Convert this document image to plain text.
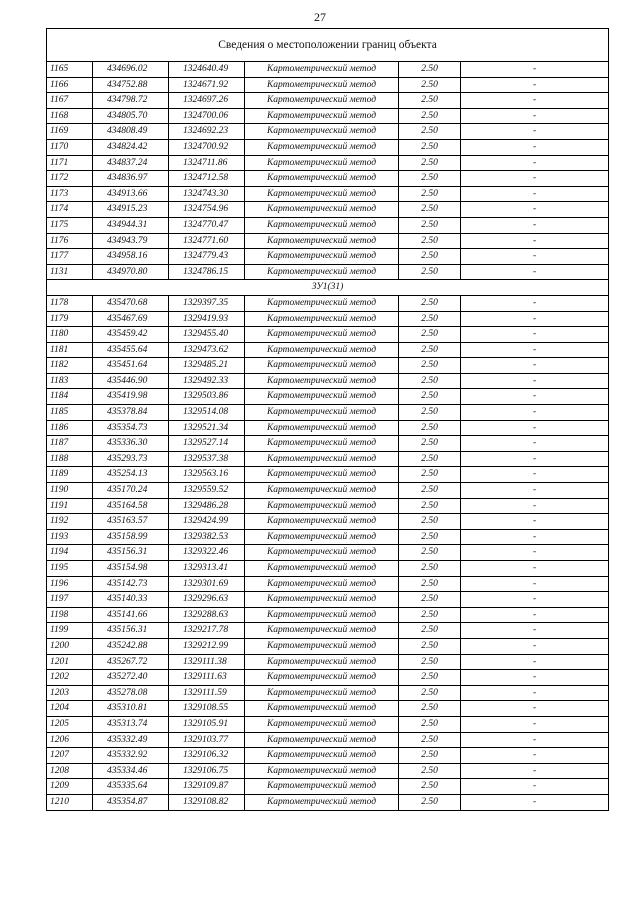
27
Сведения о местоположении границ объекта					
1165	434696.02	1324640.49	Картометрический метод	2.50	-
1166	434752.88	1324671.92	Картометрический метод	2.50	-
1167	434798.72	1324697.26	Картометрический метод	2.50	-
1168	434805.70	1324700.06	Картометрический метод	2.50	-
1169	434808.49	1324692.23	Картометрический метод	2.50	-
1170	434824.42	1324700.92	Картометрический метод	2.50	-
1171	434837.24	1324711.86	Картометрический метод	2.50	-
1172	434836.97	1324712.58	Картометрический метод	2.50	-
1173	434913.66	1324743.30	Картометрический метод	2.50	-
1174	434915.23	1324754.96	Картометрический метод	2.50	-
1175	434944.31	1324770.47	Картометрический метод	2.50	-
1176	434943.79	1324771.60	Картометрический метод	2.50	-
1177	434958.16	1324779.43	Картометрический метод	2.50	-
1131	434970.80	1324786.15	Картометрический метод	2.50	-
ЗУ1(31)					
1178	435470.68	1329397.35	Картометрический метод	2.50	-
1179	435467.69	1329419.93	Картометрический метод	2.50	-
1180	435459.42	1329455.40	Картометрический метод	2.50	-
1181	435455.64	1329473.62	Картометрический метод	2.50	-
1182	435451.64	1329485.21	Картометрический метод	2.50	-
1183	435446.90	1329492.33	Картометрический метод	2.50	-
1184	435419.98	1329503.86	Картометрический метод	2.50	-
1185	435378.84	1329514.08	Картометрический метод	2.50	-
1186	435354.73	1329521.34	Картометрический метод	2.50	-
1187	435336.30	1329527.14	Картометрический метод	2.50	-
1188	435293.73	1329537.38	Картометрический метод	2.50	-
1189	435254.13	1329563.16	Картометрический метод	2.50	-
1190	435170.24	1329559.52	Картометрический метод	2.50	-
1191	435164.58	1329486.28	Картометрический метод	2.50	-
1192	435163.57	1329424.99	Картометрический метод	2.50	-
1193	435158.99	1329382.53	Картометрический метод	2.50	-
1194	435156.31	1329322.46	Картометрический метод	2.50	-
1195	435154.98	1329313.41	Картометрический метод	2.50	-
1196	435142.73	1329301.69	Картометрический метод	2.50	-
1197	435140.33	1329296.63	Картометрический метод	2.50	-
1198	435141.66	1329288.63	Картометрический метод	2.50	-
1199	435156.31	1329217.78	Картометрический метод	2.50	-
1200	435242.88	1329212.99	Картометрический метод	2.50	-
1201	435267.72	1329111.38	Картометрический метод	2.50	-
1202	435272.40	1329111.63	Картометрический метод	2.50	-
1203	435278.08	1329111.59	Картометрический метод	2.50	-
1204	435310.81	1329108.55	Картометрический метод	2.50	-
1205	435313.74	1329105.91	Картометрический метод	2.50	-
1206	435332.49	1329103.77	Картометрический метод	2.50	-
1207	435332.92	1329106.32	Картометрический метод	2.50	-
1208	435334.46	1329106.75	Картометрический метод	2.50	-
1209	435335.64	1329109.87	Картометрический метод	2.50	-
1210	435354.87	1329108.82	Картометрический метод	2.50	-
